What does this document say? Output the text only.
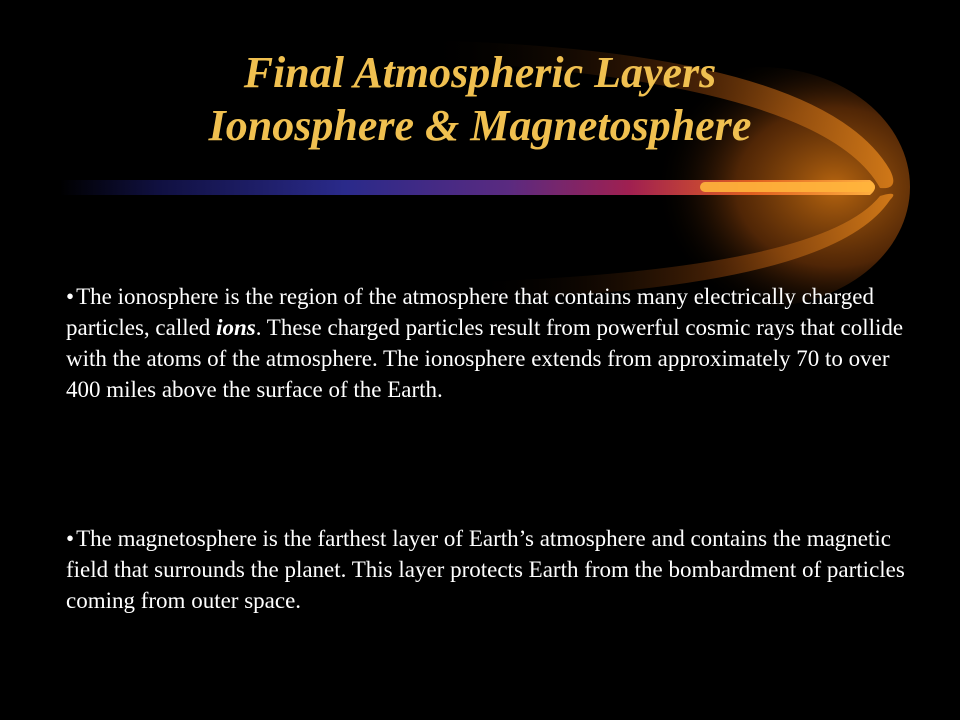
Final Atmospheric Layers
Ionosphere & Magnetosphere

•The ionosphere is the region of the atmosphere that contains many electrically charged particles, called ions. These charged particles result from powerful cosmic rays that collide with the atoms of the atmosphere. The ionosphere extends from approximately 70 to over 400 miles above the surface of the Earth.

•The magnetosphere is the farthest layer of Earth’s atmosphere and contains the magnetic field that surrounds the planet. This layer protects Earth from the bombardment of particles coming from outer space.
